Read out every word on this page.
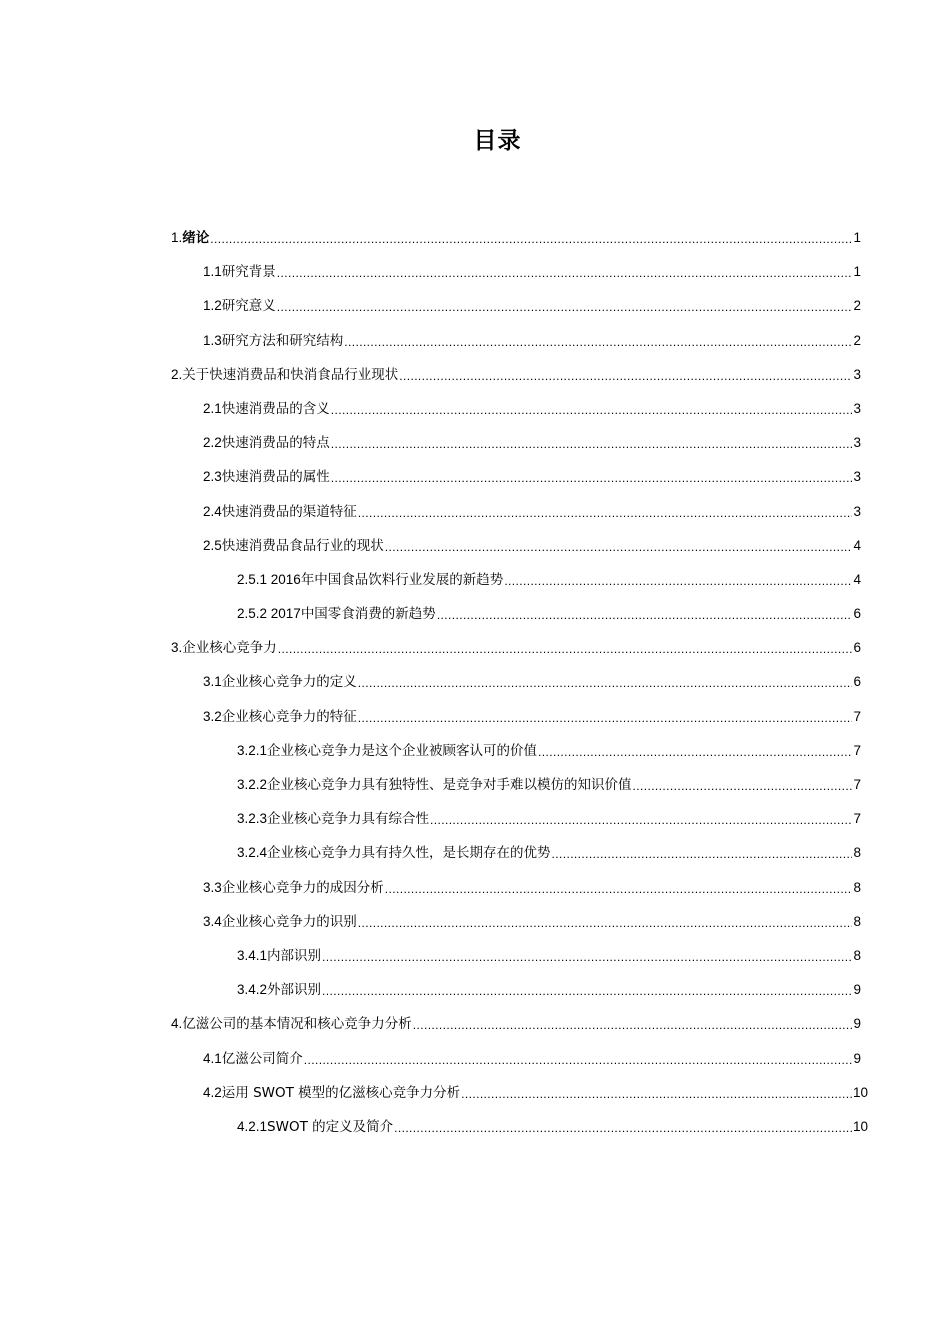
目录
1. 绪论 .....	1
1.1 研究背景 .....	1
1.2 研究意义 .....	2
1.3 研究方法和研究结构 .....	2
2. 关于快速消费品和快消食品行业现状 .....	3
2.1 快速消费品的含义 .....	3
2.2 快速消费品的特点 .....	3
2.3 快速消费品的属性 .....	3
2.4 快速消费品的渠道特征 .....	3
2.5 快速消费品食品行业的现状 .....	4
2.5.1 2016 年中国食品饮料行业发展的新趋势 .....	4
2.5.2 2017 中国零食消费的新趋势 .....	6
3. 企业核心竞争力 .....	6
3.1 企业核心竞争力的定义 .....	6
3.2 企业核心竞争力的特征 .....	7
3.2.1 企业核心竞争力是这个企业被顾客认可的价值 .....	7
3.2.2 企业核心竞争力具有独特性、是竞争对手难以模仿的知识价值 .....	7
3.2.3 企业核心竞争力具有综合性 .....	7
3.2.4 企业核心竞争力具有持久性，是长期存在的优势 .....	8
3.3 企业核心竞争力的成因分析 .....	8
3.4 企业核心竞争力的识别 .....	8
3.4.1 内部识别 .....	8
3.4.2 外部识别 .....	9
4. 亿滋公司的基本情况和核心竞争力分析 .....	9
4.1 亿滋公司简介 .....	9
4.2 运用 SWOT 模型的亿滋核心竞争力分析 .....	10
4.2.1 SWOT 的定义及简介 .....	10
